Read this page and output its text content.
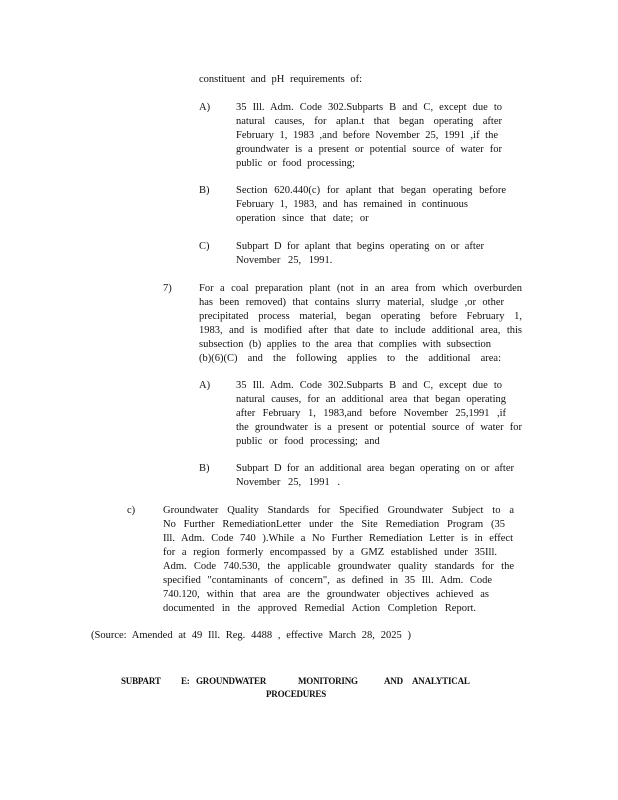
constituent and pH requirements of:
A) 35 Ill. Adm. Code 302.Subparts B and C, except due to
natural causes, for aplan.t that began operating after
February 1, 1983 ,and before November 25, 1991 ,if the
groundwater is a present or potential source of water for
public or food processing;
B)	Section 620.440(c) for aplant that began operating before
February 1, 1983, and has remained in continuous
operation since that date; or
C)	Subpart D for aplant that begins operating on or after
November 25, 1991.
7)	For a coal preparation plant (not in an area from which overburden
has been removed) that contains slurry material, sludge ,or other
precipitated process material, began operating before February 1,
1983, and is modified after that date to include additional area, this
subsection (b) applies to the area that complies with subsection
(b)(6)(C) and the following applies to the additional area:
A) 35 Ill. Adm. Code 302.Subparts B and C, except due to
natural causes, for an additional area that began operating
after February 1, 1983,and before November 25,1991 ,if
the groundwater is a present or potential source of water for
public or food processing; and
B)	Subpart D for an additional area began operating on or after
November 25, 1991 .
c)	Groundwater Quality Standards for Specified Groundwater Subject to a
No Further RemediationLetter under the Site Remediation Program (35
Ill. Adm. Code 740 ).While a No Further Remediation Letter is in effect
for a region formerly encompassed by a GMZ established under 35Ill.
Adm. Code 740.530, the applicable groundwater quality standards for the
specified "contaminants of concern", as defined in 35 Ill. Adm. Code
740.120, within that area are the groundwater objectives achieved as
documented in the approved Remedial Action Completion Report.
(Source: Amended at 49 Ill. Reg. 4488 , effective March 28, 2025 )
SUBPART E: GROUNDWATER	MONITORING	AND ANALYTICAL
PROCEDURES
